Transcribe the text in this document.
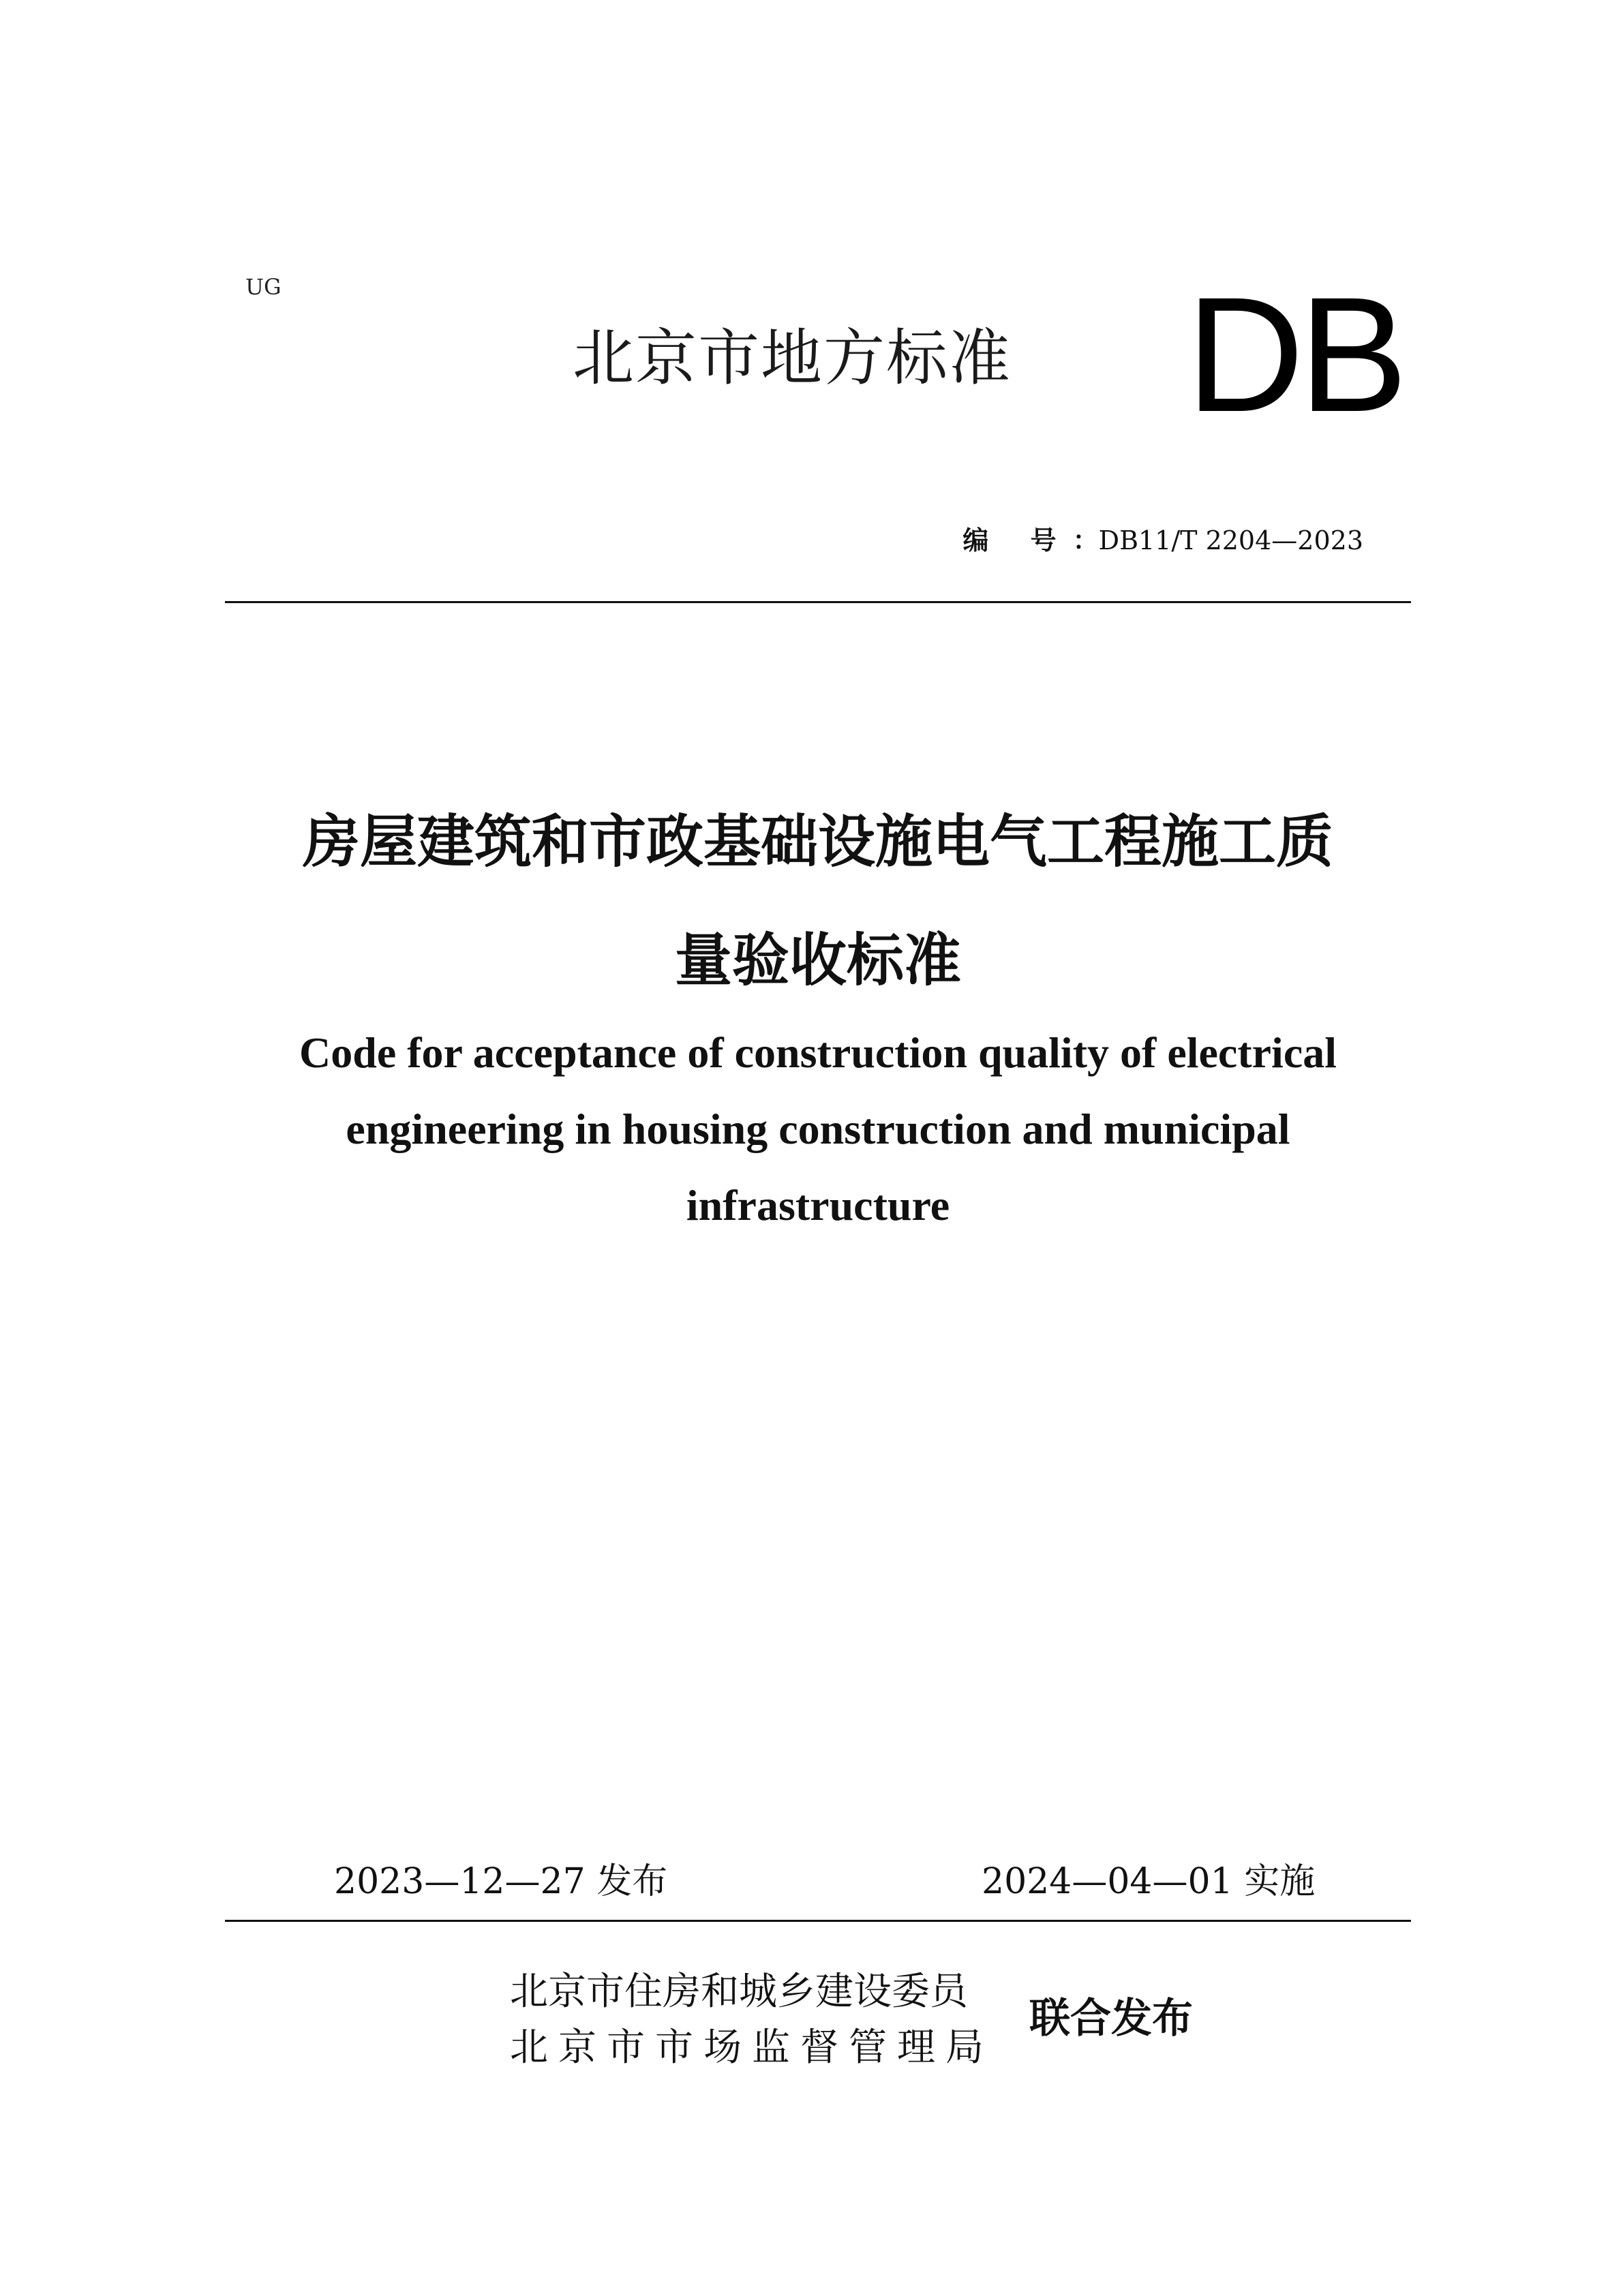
UG
北京市地方标准	DB
编 号：DB11/T 2204—2023
房屋建筑和市政基础设施电气工程施工质
量验收标准
Code for acceptance of construction quality of electrical
engineering in housing construction and municipal
infrastructure
2023—12—27 发布	2024—04—01 实施
北京市住房和城乡建设委员
北京市市场监督管理局
联合发布
